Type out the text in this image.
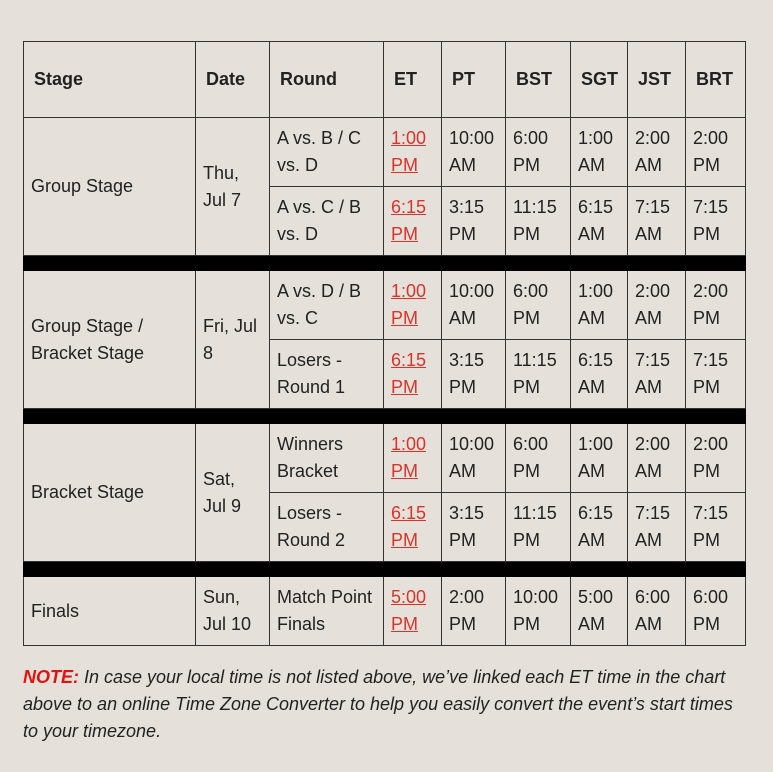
Stage	Date	Round	ET	PT	BST	SGT	JST	BRT
Group Stage	Thu, Jul 7	A vs. B / C vs. D	1:00 PM	10:00 AM	6:00 PM	1:00 AM	2:00 AM	2:00 PM
		A vs. C / B vs. D	6:15 PM	3:15 PM	11:15 PM	6:15 AM	7:15 AM	7:15 PM

Group Stage / Bracket Stage	Fri, Jul 8	A vs. D / B vs. C	1:00 PM	10:00 AM	6:00 PM	1:00 AM	2:00 AM	2:00 PM
		Losers - Round 1	6:15 PM	3:15 PM	11:15 PM	6:15 AM	7:15 AM	7:15 PM

Bracket Stage	Sat, Jul 9	Winners Bracket	1:00 PM	10:00 AM	6:00 PM	1:00 AM	2:00 AM	2:00 PM
		Losers - Round 2	6:15 PM	3:15 PM	11:15 PM	6:15 AM	7:15 AM	7:15 PM

Finals	Sun, Jul 10	Match Point Finals	5:00 PM	2:00 PM	10:00 PM	5:00 AM	6:00 AM	6:00 PM

NOTE: In case your local time is not listed above, we’ve linked each ET time in the chart above to an online Time Zone Converter to help you easily convert the event’s start times to your timezone.
